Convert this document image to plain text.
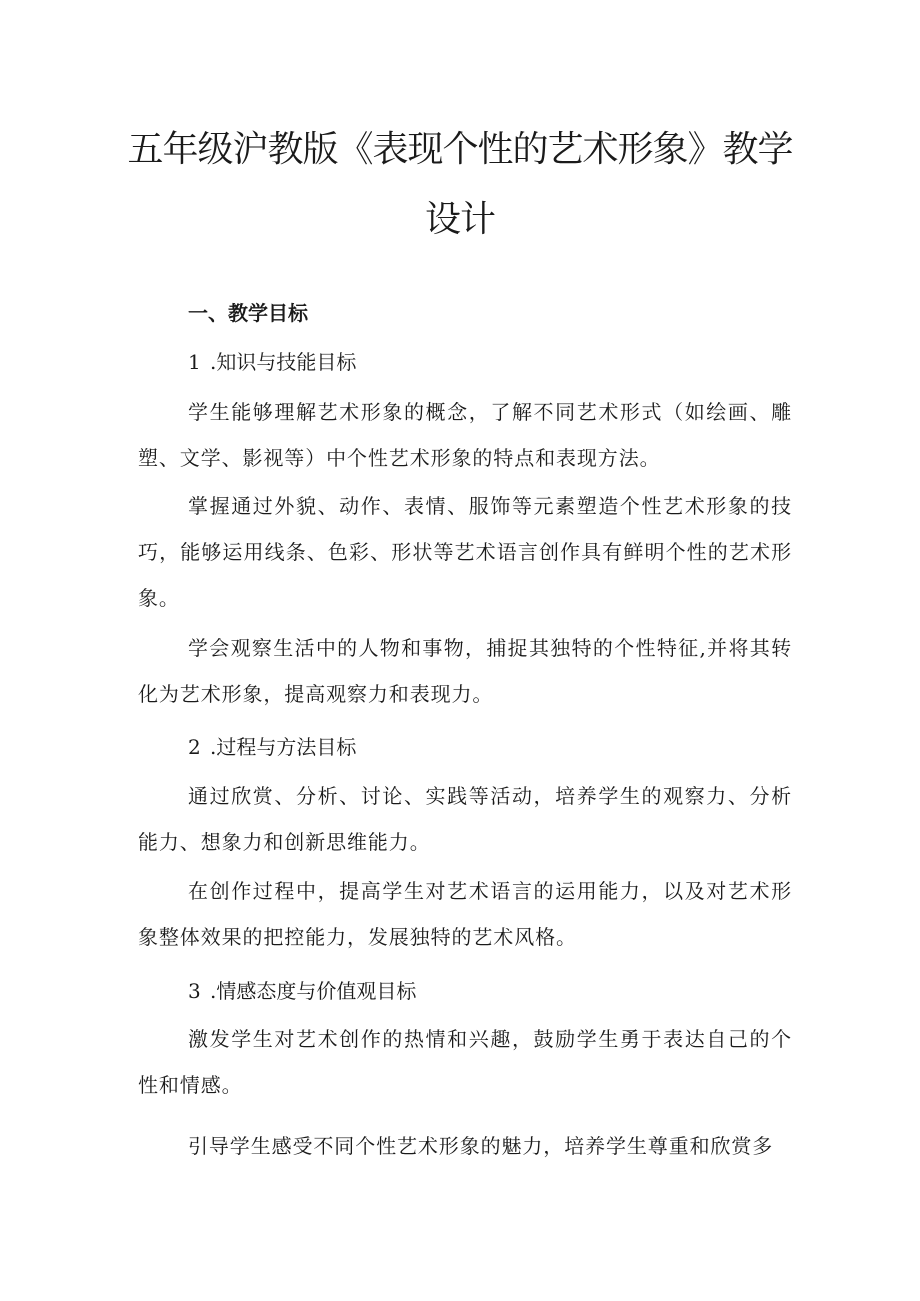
五年级沪教版《表现个性的艺术形象》教学
设计
一、教学目标
1 .知识与技能目标

学生能够理解艺术形象的概念，了解不同艺术形式（如绘画、雕塑、文学、影视等）中个性艺术形象的特点和表现方法。

掌握通过外貌、动作、表情、服饰等元素塑造个性艺术形象的技巧，能够运用线条、色彩、形状等艺术语言创作具有鲜明个性的艺术形象。

学会观察生活中的人物和事物，捕捉其独特的个性特征,并将其转化为艺术形象，提高观察力和表现力。

2 .过程与方法目标

通过欣赏、分析、讨论、实践等活动，培养学生的观察力、分析能力、想象力和创新思维能力。

在创作过程中，提高学生对艺术语言的运用能力，以及对艺术形象整体效果的把控能力，发展独特的艺术风格。

3 .情感态度与价值观目标

激发学生对艺术创作的热情和兴趣，鼓励学生勇于表达自己的个性和情感。

引导学生感受不同个性艺术形象的魅力，培养学生尊重和欣赏多
